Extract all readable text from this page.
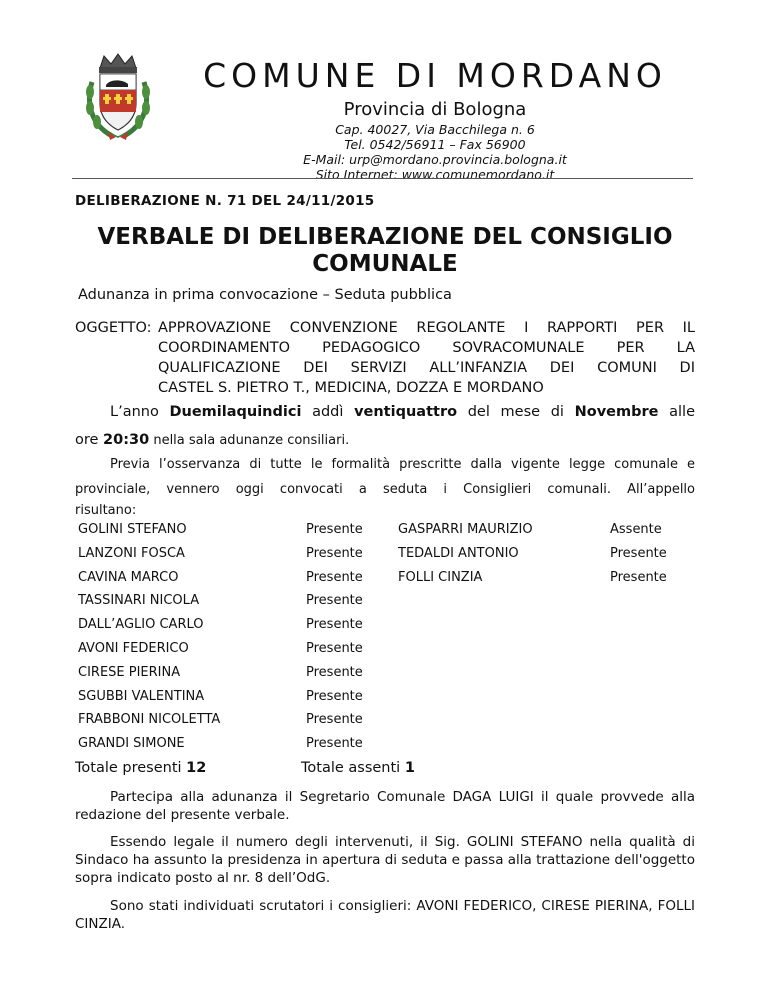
COMUNE DI MORDANO
Provincia di Bologna
Cap. 40027, Via Bacchilega n. 6
Tel. 0542/56911 – Fax 56900
E-Mail: urp@mordano.provincia.bologna.it
Sito Internet: www.comunemordano.it
DELIBERAZIONE N. 71 DEL 24/11/2015
VERBALE DI DELIBERAZIONE DEL CONSIGLIO
COMUNALE
Adunanza in prima convocazione – Seduta pubblica
OGGETTO: APPROVAZIONE CONVENZIONE REGOLANTE I RAPPORTI PER IL
COORDINAMENTO PEDAGOGICO SOVRACOMUNALE PER LA
QUALIFICAZIONE DEI SERVIZI ALL’INFANZIA DEI COMUNI DI
CASTEL S. PIETRO T., MEDICINA, DOZZA E MORDANO
L’anno Duemilaquindici addì ventiquattro del mese di Novembre alle
ore 20:30 nella sala adunanze consiliari.
Previa l’osservanza di tutte le formalità prescritte dalla vigente legge comunale e
provinciale, vennero oggi convocati a seduta i Consiglieri comunali. All’appello
risultano:
GOLINI STEFANO	Presente	GASPARRI MAURIZIO	Assente
LANZONI FOSCA	Presente	TEDALDI ANTONIO	Presente
CAVINA MARCO	Presente	FOLLI CINZIA	Presente
TASSINARI NICOLA	Presente
DALL’AGLIO CARLO	Presente
AVONI FEDERICO	Presente
CIRESE PIERINA	Presente
SGUBBI VALENTINA	Presente
FRABBONI NICOLETTA	Presente
GRANDI SIMONE	Presente
Totale presenti 12	Totale assenti 1
Partecipa alla adunanza il Segretario Comunale DAGA LUIGI il quale provvede alla redazione del presente verbale.
Essendo legale il numero degli intervenuti, il Sig. GOLINI STEFANO nella qualità di Sindaco ha assunto la presidenza in apertura di seduta e passa alla trattazione dell'oggetto sopra indicato posto al nr. 8 dell’OdG.
Sono stati individuati scrutatori i consiglieri: AVONI FEDERICO, CIRESE PIERINA, FOLLI CINZIA.
